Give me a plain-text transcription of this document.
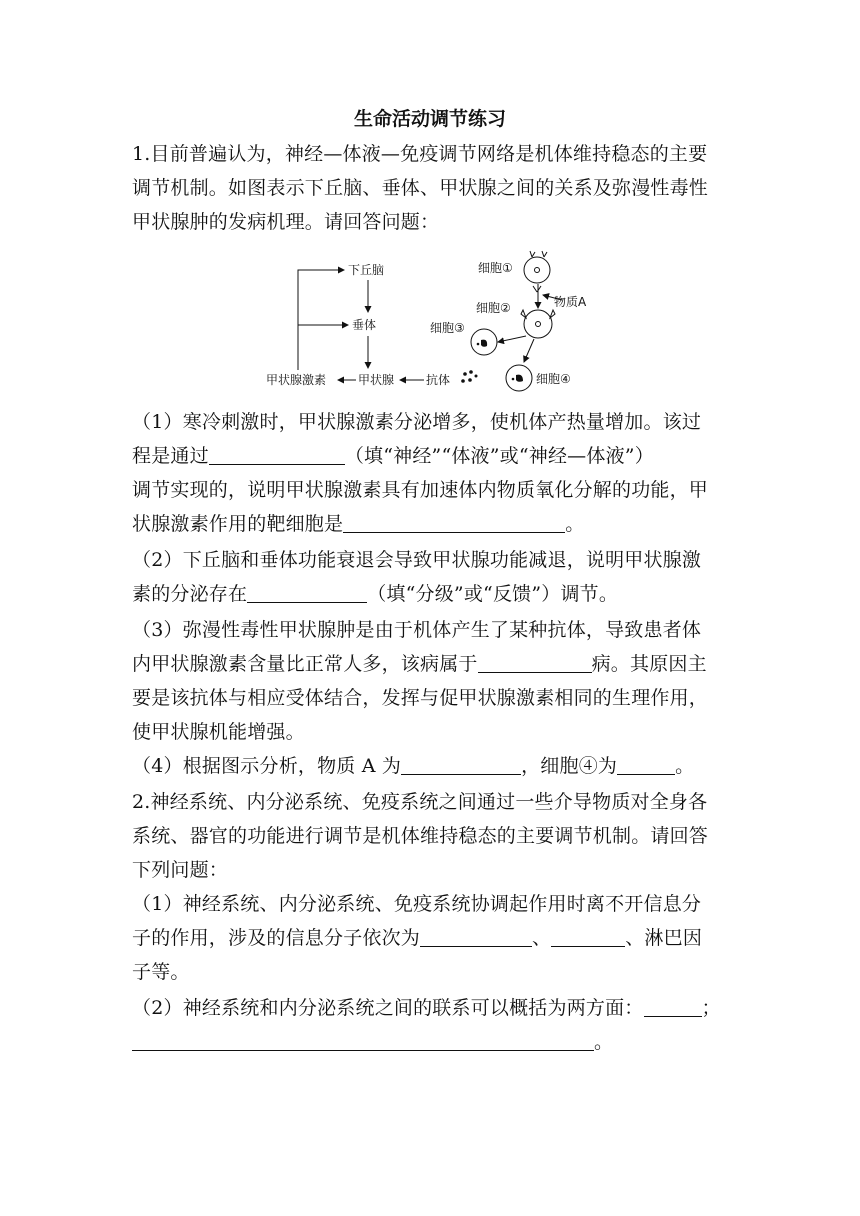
生命活动调节练习
1.目前普遍认为，神经—体液—免疫调节网络是机体维持稳态的主要
调节机制。如图表示下丘脑、垂体、甲状腺之间的关系及弥漫性毒性
甲状腺肿的发病机理。请回答问题：
下丘脑
垂体
甲状腺
甲状腺激素	抗体
细胞①
物质A
细胞②
细胞③
细胞④
（1）寒冷刺激时，甲状腺激素分泌增多，使机体产热量增加。该过
程是通过	（填“神经”“体液”或“神经—体液”）
调节实现的，说明甲状腺激素具有加速体内物质氧化分解的功能，甲
状腺激素作用的靶细胞是	。
（2）下丘脑和垂体功能衰退会导致甲状腺功能减退，说明甲状腺激
素的分泌存在	（填“分级”或“反馈”）调节。
（3）弥漫性毒性甲状腺肿是由于机体产生了某种抗体，导致患者体
内甲状腺激素含量比正常人多，该病属于	病。其原因主
要是该抗体与相应受体结合，发挥与促甲状腺激素相同的生理作用，
使甲状腺机能增强。
（4）根据图示分析，物质 A 为	，细胞④为	。
2.神经系统、内分泌系统、免疫系统之间通过一些介导物质对全身各
系统、器官的功能进行调节是机体维持稳态的主要调节机制。请回答
下列问题：
（1）神经系统、内分泌系统、免疫系统协调起作用时离不开信息分
子的作用，涉及的信息分子依次为	、	、淋巴因
子等。
（2）神经系统和内分泌系统之间的联系可以概括为两方面：	；
。
